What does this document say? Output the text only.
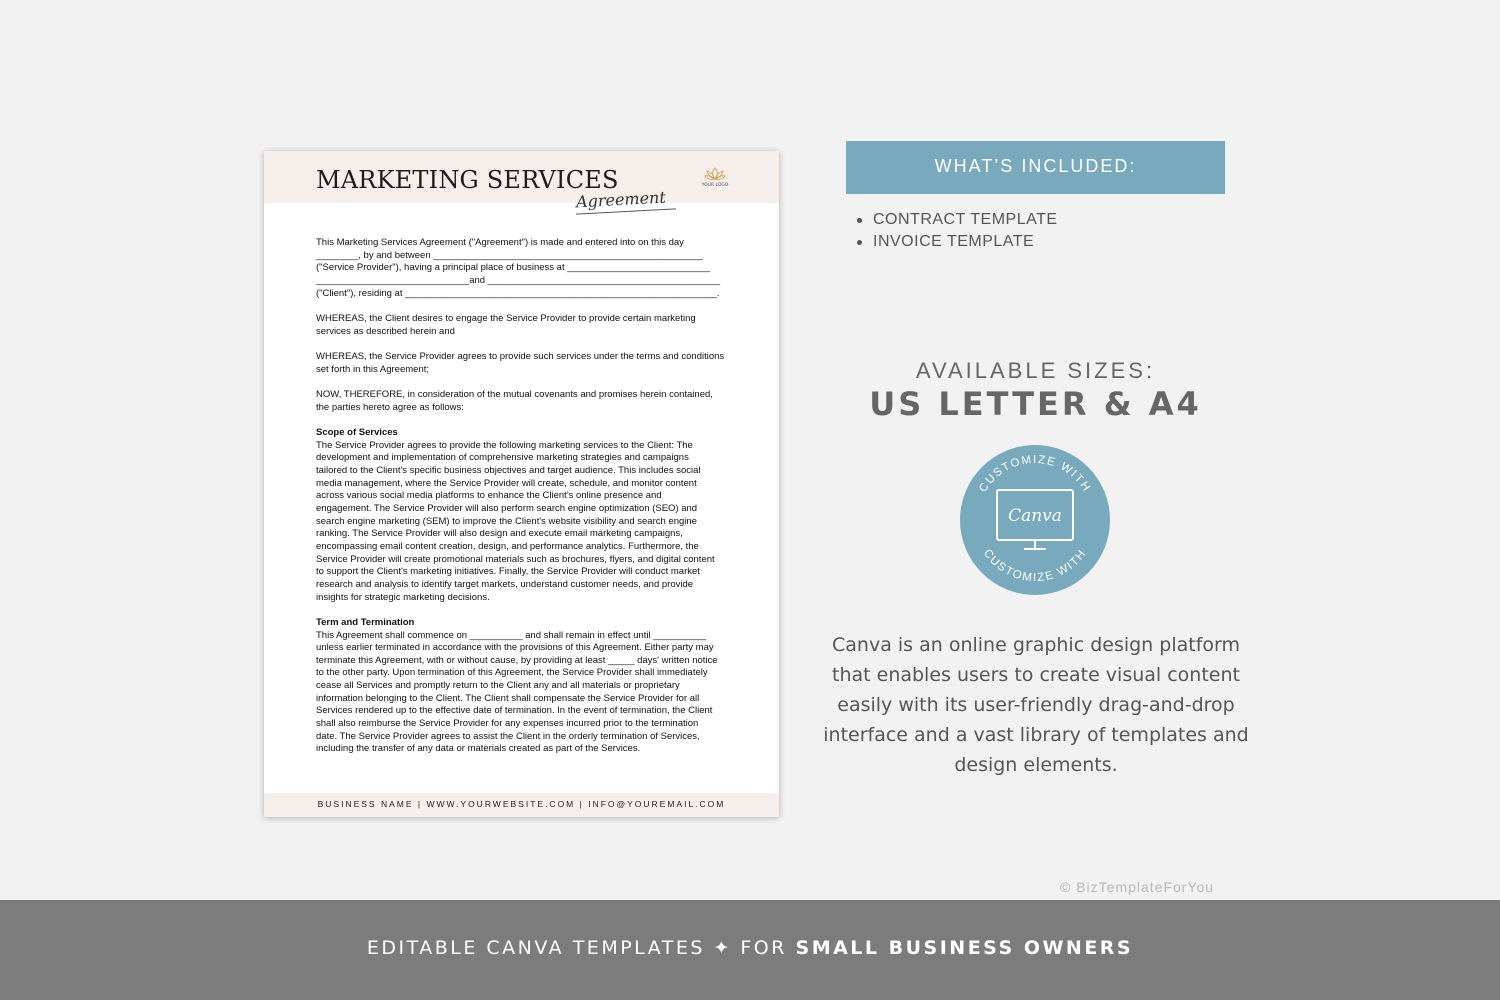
MARKETING SERVICES
Agreement
YOUR LOGO

This Marketing Services Agreement ("Agreement") is made and entered into on this day
________, by and between ___________________________________________________
("Service Provider"), having a principal place of business at ___________________________
_____________________________and ____________________________________________
("Client"), residing at ___________________________________________________________.

WHEREAS, the Client desires to engage the Service Provider to provide certain marketing
services as described herein and

WHEREAS, the Service Provider agrees to provide such services under the terms and conditions
set forth in this Agreement;

NOW, THEREFORE, in consideration of the mutual covenants and promises herein contained,
the parties hereto agree as follows:

Scope of Services

The Service Provider agrees to provide the following marketing services to the Client: The
development and implementation of comprehensive marketing strategies and campaigns
tailored to the Client's specific business objectives and target audience. This includes social
media management, where the Service Provider will create, schedule, and monitor content
across various social media platforms to enhance the Client's online presence and
engagement. The Service Provider will also perform search engine optimization (SEO) and
search engine marketing (SEM) to improve the Client's website visibility and search engine
ranking. The Service Provider will also design and execute email marketing campaigns,
encompassing email content creation, design, and performance analytics. Furthermore, the
Service Provider will create promotional materials such as brochures, flyers, and digital content
to support the Client's marketing initiatives. Finally, the Service Provider will conduct market
research and analysis to identify target markets, understand customer needs, and provide
insights for strategic marketing decisions.

Term and Termination

This Agreement shall commence on __________ and shall remain in effect until __________
unless earlier terminated in accordance with the provisions of this Agreement. Either party may
terminate this Agreement, with or without cause, by providing at least _____ days' written notice
to the other party. Upon termination of this Agreement, the Service Provider shall immediately
cease all Services and promptly return to the Client any and all materials or proprietary
information belonging to the Client. The Client shall compensate the Service Provider for all
Services rendered up to the effective date of termination. In the event of termination, the Client
shall also reimburse the Service Provider for any expenses incurred prior to the termination
date. The Service Provider agrees to assist the Client in the orderly termination of Services,
including the transfer of any data or materials created as part of the Services.

BUSINESS NAME | WWW.YOURWEBSITE.COM | INFO@YOUREMAIL.COM
WHAT’S INCLUDED:
CONTRACT TEMPLATE
INVOICE TEMPLATE
AVAILABLE SIZES:
US LETTER & A4
CUSTOMIZE WITH
CUSTOMIZE WITH
Canva
Canva is an online graphic design platform that enables users to create visual content easily with its user-friendly drag-and-drop interface and a vast library of templates and design elements.
© BizTemplateForYou
EDITABLE CANVA TEMPLATES ✦ FOR SMALL BUSINESS OWNERS
